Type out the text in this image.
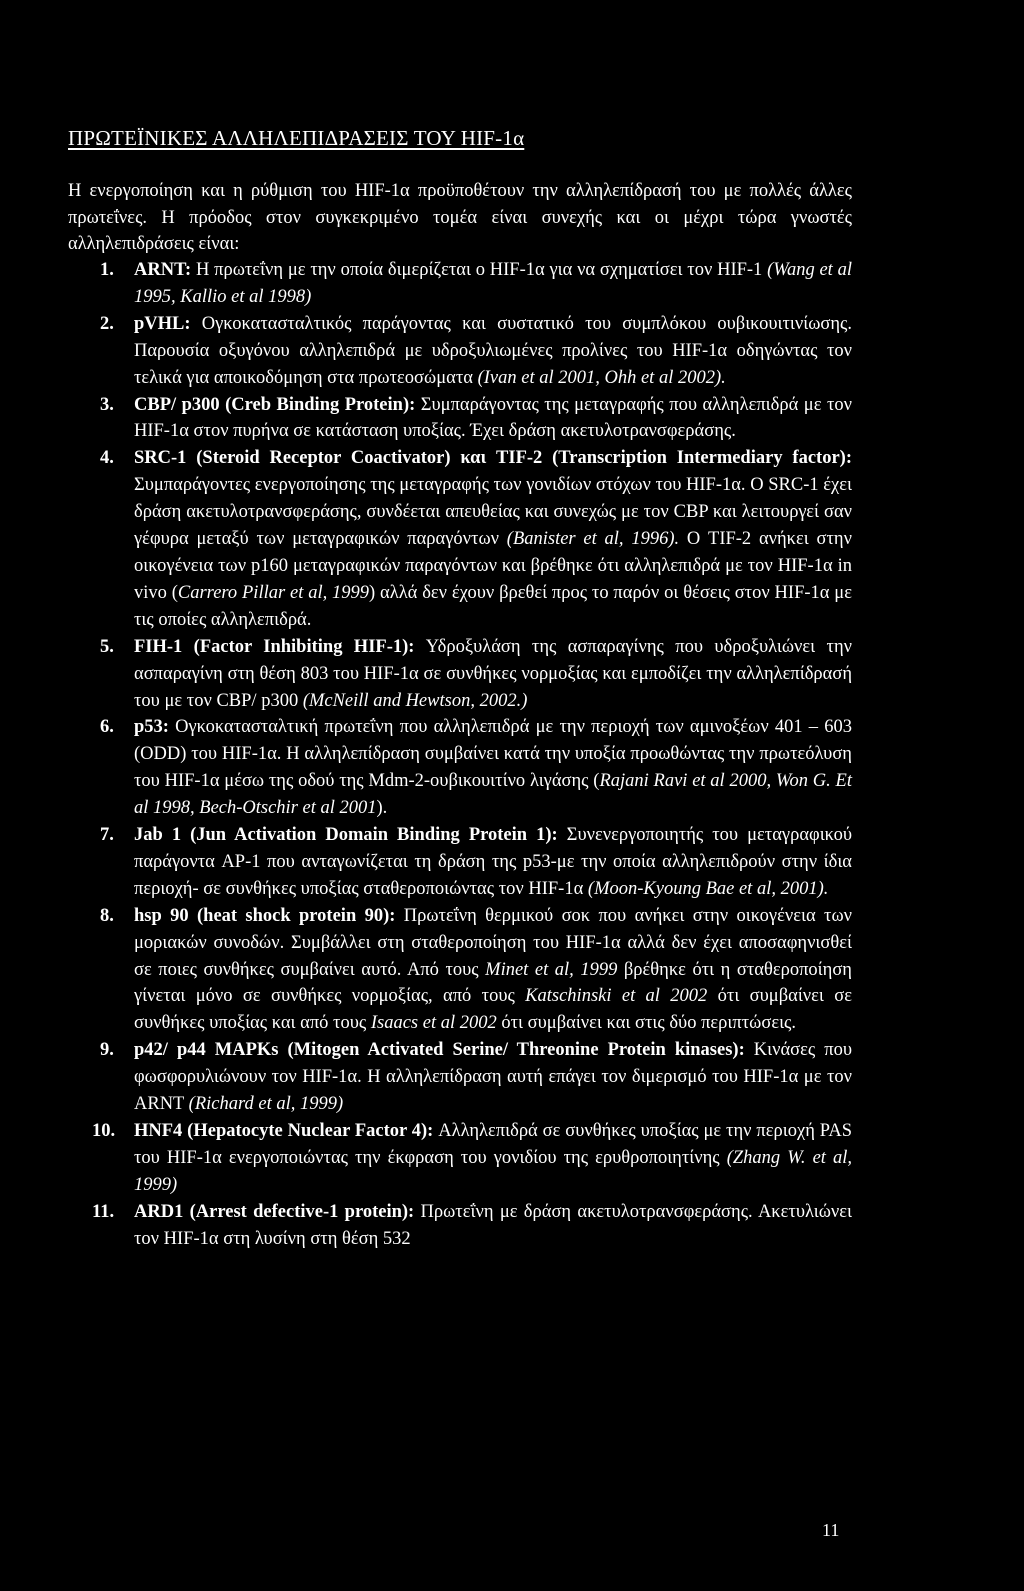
ΠΡΩΤΕΪΝΙΚΕΣ ΑΛΛΗΛΕΠΙΔΡΑΣΕΙΣ ΤΟΥ HIF-1α

Η ενεργοποίηση και η ρύθμιση του HIF-1α προϋποθέτουν την αλληλεπίδρασή του με πολλές άλλες πρωτεΐνες. Η πρόοδος στον συγκεκριμένο τομέα είναι συνεχής και οι μέχρι τώρα γνωστές αλληλεπιδράσεις είναι:

1. ARNT: Η πρωτεΐνη με την οποία διμερίζεται ο HIF-1α για να σχηματίσει τον HIF-1 (Wang et al 1995, Kallio et al 1998)
2. pVHL: Ογκοκατασταλτικός παράγοντας και συστατικό του συμπλόκου ουβικουιτινίωσης. Παρουσία οξυγόνου αλληλεπιδρά με υδροξυλιωμένες προλίνες του HIF-1α οδηγώντας τον τελικά για αποικοδόμηση στα πρωτεοσώματα (Ivan et al 2001, Ohh et al 2002).
3. CBP/ p300 (Creb Binding Protein): Συμπαράγοντας της μεταγραφής που αλληλεπιδρά με τον HIF-1α στον πυρήνα σε κατάσταση υποξίας. Έχει δράση ακετυλοτρανσφεράσης.
4. SRC-1 (Steroid Receptor Coactivator) και TIF-2 (Transcription Intermediary factor): Συμπαράγοντες ενεργοποίησης της μεταγραφής των γονιδίων στόχων του HIF-1α. Ο SRC-1 έχει δράση ακετυλοτρανσφεράσης, συνδέεται απευθείας και συνεχώς με τον CBP και λειτουργεί σαν γέφυρα μεταξύ των μεταγραφικών παραγόντων (Banister et al, 1996). Ο TIF-2 ανήκει στην οικογένεια των p160 μεταγραφικών παραγόντων και βρέθηκε ότι αλληλεπιδρά με τον HIF-1α in vivo (Carrero Pillar et al, 1999) αλλά δεν έχουν βρεθεί προς το παρόν οι θέσεις στον HIF-1α με τις οποίες αλληλεπιδρά.
5. FIH-1 (Factor Inhibiting HIF-1): Υδροξυλάση της ασπαραγίνης που υδροξυλιώνει την ασπαραγίνη στη θέση 803 του HIF-1α σε συνθήκες νορμοξίας και εμποδίζει την αλληλεπίδρασή του με τον CBP/ p300 (McNeill and Hewtson, 2002.)
6. p53: Ογκοκατασταλτική πρωτεΐνη που αλληλεπιδρά με την περιοχή των αμινοξέων 401 – 603 (ODD) του HIF-1α. Η αλληλεπίδραση συμβαίνει κατά την υποξία προωθώντας την πρωτεόλυση του HIF-1α μέσω της οδού της Mdm-2-ουβικουιτίνο λιγάσης (Rajani Ravi et al 2000, Won G. Et al 1998, Bech-Otschir et al 2001).
7. Jab 1 (Jun Activation Domain Binding Protein 1): Συνενεργοποιητής του μεταγραφικού παράγοντα AP-1 που ανταγωνίζεται τη δράση της p53-με την οποία αλληλεπιδρούν στην ίδια περιοχή- σε συνθήκες υποξίας σταθεροποιώντας τον HIF-1α (Moon-Kyoung Bae et al, 2001).
8. hsp 90 (heat shock protein 90): Πρωτεΐνη θερμικού σοκ που ανήκει στην οικογένεια των μοριακών συνοδών. Συμβάλλει στη σταθεροποίηση του HIF-1α αλλά δεν έχει αποσαφηνισθεί σε ποιες συνθήκες συμβαίνει αυτό. Από τους Minet et al, 1999 βρέθηκε ότι η σταθεροποίηση γίνεται μόνο σε συνθήκες νορμοξίας, από τους Katschinski et al 2002 ότι συμβαίνει σε συνθήκες υποξίας και από τους Isaacs et al 2002 ότι συμβαίνει και στις δύο περιπτώσεις.
9. p42/ p44 MAPKs (Mitogen Activated Serine/ Threonine Protein kinases): Κινάσες που φωσφορυλιώνουν τον HIF-1α. Η αλληλεπίδραση αυτή επάγει τον διμερισμό του HIF-1α με τον ARNT (Richard et al, 1999)
10. HNF4 (Hepatocyte Nuclear Factor 4): Αλληλεπιδρά σε συνθήκες υποξίας με την περιοχή PAS του HIF-1α ενεργοποιώντας την έκφραση του γονιδίου της ερυθροποιητίνης (Zhang W. et al, 1999)
11. ARD1 (Arrest defective-1 protein): Πρωτεΐνη με δράση ακετυλοτρανσφεράσης. Ακετυλιώνει τον HIF-1α στη λυσίνη στη θέση 532

11
